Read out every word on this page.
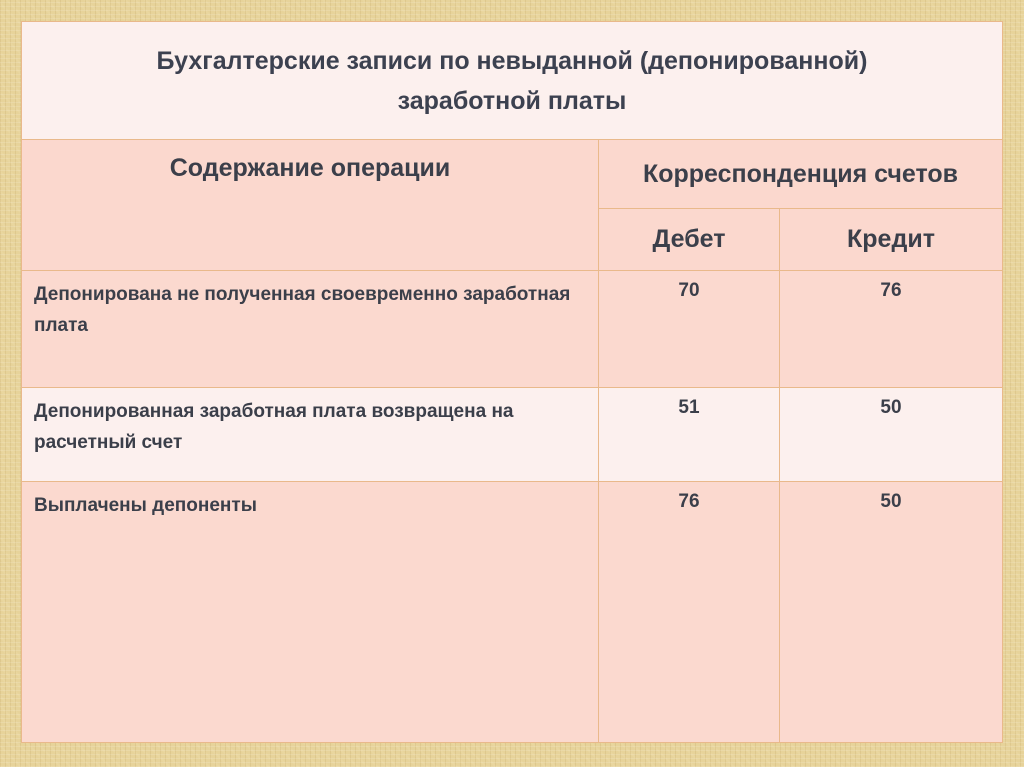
Бухгалтерские записи по невыданной (депонированной)
заработной платы		

Содержание операции	Корреспонденция счетов	
	Дебет	Кредит
Депонирована не полученная своевременно заработная плата	70	76
Депонированная заработная плата возвращена на расчетный счет	51	50
Выплачены депоненты	76	50
